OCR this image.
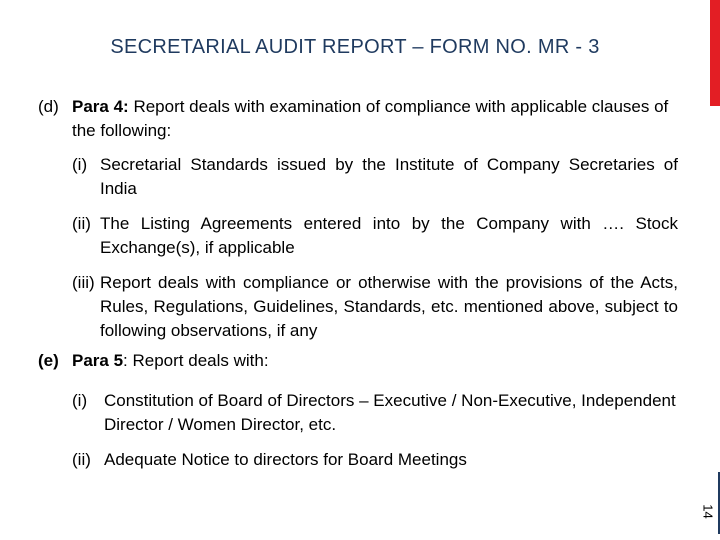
SECRETARIAL AUDIT REPORT – FORM NO. MR - 3
(d) Para 4: Report deals with examination of compliance with applicable clauses of the following:
(i) Secretarial Standards issued by the Institute of Company Secretaries of India
(ii) The Listing Agreements entered into by the Company with …. Stock Exchange(s), if applicable
(iii) Report deals with compliance or otherwise with the provisions of the Acts, Rules, Regulations, Guidelines, Standards, etc. mentioned above, subject to following observations, if any
(e) Para 5: Report deals with:
(i) Constitution of Board of Directors – Executive / Non-Executive, Independent Director / Women Director, etc.
(ii) Adequate Notice to directors for Board Meetings
14
